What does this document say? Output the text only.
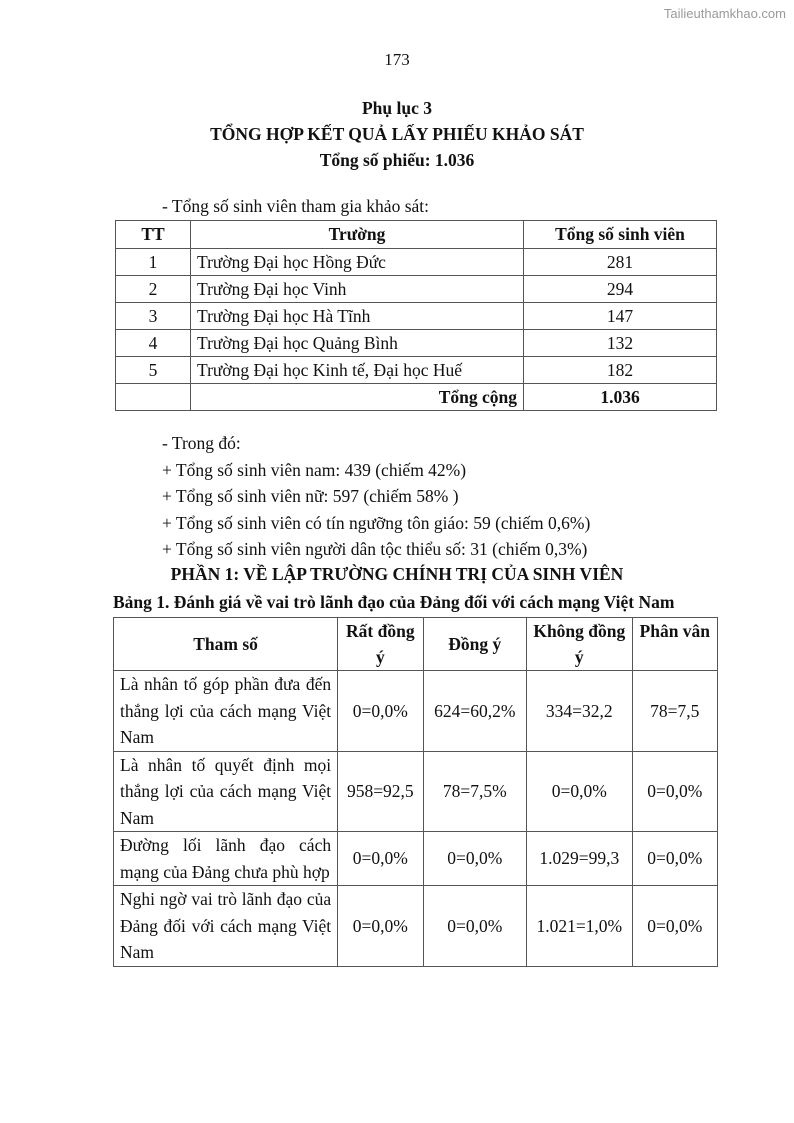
Tailieuthamkhao.com
173
Phụ lục 3
TỔNG HỢP KẾT QUẢ LẤY PHIẾU KHẢO SÁT
Tổng số phiếu: 1.036
- Tổng số sinh viên tham gia khảo sát:
TT	Trường	Tổng số sinh viên
1	Trường Đại học Hồng Đức	281
2	Trường Đại học Vinh	294
3	Trường Đại học Hà Tĩnh	147
4	Trường Đại học Quảng Bình	132
5	Trường Đại học Kinh tế, Đại học Huế	182
	Tổng cộng	1.036
- Trong đó:
+ Tổng số sinh viên nam: 439 (chiếm 42%)
+ Tổng số sinh viên nữ: 597 (chiếm 58% )
+ Tổng số sinh viên có tín ngưỡng tôn giáo: 59 (chiếm 0,6%)
+ Tổng số sinh viên người dân tộc thiểu số: 31 (chiếm 0,3%)
PHẦN 1: VỀ LẬP TRƯỜNG CHÍNH TRỊ CỦA SINH VIÊN
Bảng 1. Đánh giá về vai trò lãnh đạo của Đảng đối với cách mạng Việt Nam
Tham số	Rất đồng ý	Đồng ý	Không đồng ý	Phân vân
Là nhân tố góp phần đưa đến thắng lợi của cách mạng Việt Nam	0=0,0%	624=60,2%	334=32,2	78=7,5
Là nhân tố quyết định mọi thắng lợi của cách mạng Việt Nam	958=92,5	78=7,5%	0=0,0%	0=0,0%
Đường lối lãnh đạo cách mạng của Đảng chưa phù hợp	0=0,0%	0=0,0%	1.029=99,3	0=0,0%
Nghi ngờ vai trò lãnh đạo của Đảng đối với cách mạng Việt Nam	0=0,0%	0=0,0%	1.021=1,0%	0=0,0%
